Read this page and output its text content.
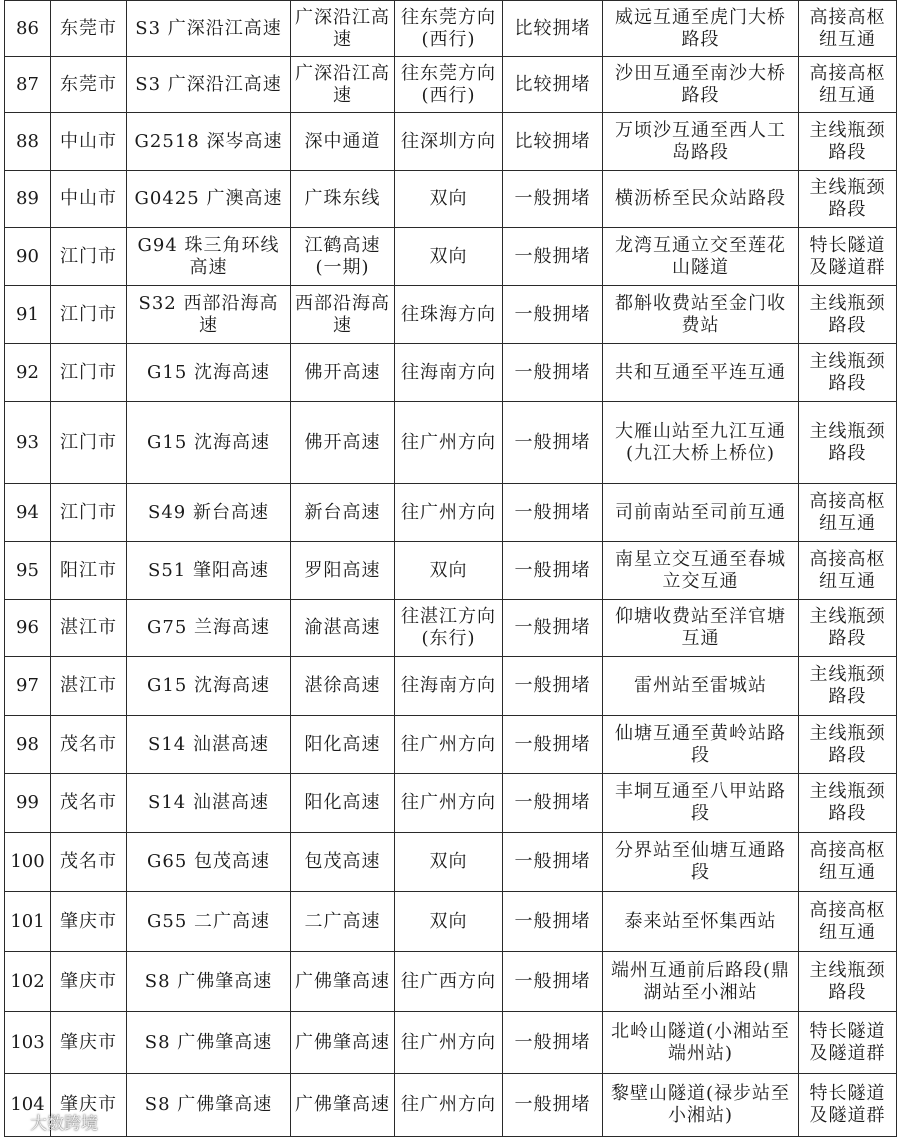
86	东莞市	S3 广深沿江高速	广深沿江高速	往东莞方向(西行)	比较拥堵	威远互通至虎门大桥路段	高接高枢纽互通
87	东莞市	S3 广深沿江高速	广深沿江高速	往东莞方向(西行)	比较拥堵	沙田互通至南沙大桥路段	高接高枢纽互通
88	中山市	G2518 深岑高速	深中通道	往深圳方向	比较拥堵	万顷沙互通至西人工岛路段	主线瓶颈路段
89	中山市	G0425 广澳高速	广珠东线	双向	一般拥堵	横沥桥至民众站路段	主线瓶颈路段
90	江门市	G94 珠三角环线高速	江鹤高速(一期)	双向	一般拥堵	龙湾互通立交至莲花山隧道	特长隧道及隧道群
91	江门市	S32 西部沿海高速	西部沿海高速	往珠海方向	一般拥堵	都斛收费站至金门收费站	主线瓶颈路段
92	江门市	G15 沈海高速	佛开高速	往海南方向	一般拥堵	共和互通至平连互通	主线瓶颈路段
93	江门市	G15 沈海高速	佛开高速	往广州方向	一般拥堵	大雁山站至九江互通(九江大桥上桥位)	主线瓶颈路段
94	江门市	S49 新台高速	新台高速	往广州方向	一般拥堵	司前南站至司前互通	高接高枢纽互通
95	阳江市	S51 肇阳高速	罗阳高速	双向	一般拥堵	南星立交互通至春城立交互通	高接高枢纽互通
96	湛江市	G75 兰海高速	渝湛高速	往湛江方向(东行)	一般拥堵	仰塘收费站至洋官塘互通	主线瓶颈路段
97	湛江市	G15 沈海高速	湛徐高速	往海南方向	一般拥堵	雷州站至雷城站	主线瓶颈路段
98	茂名市	S14 汕湛高速	阳化高速	往广州方向	一般拥堵	仙塘互通至黄岭站路段	主线瓶颈路段
99	茂名市	S14 汕湛高速	阳化高速	往广州方向	一般拥堵	丰垌互通至八甲站路段	主线瓶颈路段
100	茂名市	G65 包茂高速	包茂高速	双向	一般拥堵	分界站至仙塘互通路段	高接高枢纽互通
101	肇庆市	G55 二广高速	二广高速	双向	一般拥堵	泰来站至怀集西站	高接高枢纽互通
102	肇庆市	S8 广佛肇高速	广佛肇高速	往广西方向	一般拥堵	端州互通前后路段(鼎湖站至小湘站	主线瓶颈路段
103	肇庆市	S8 广佛肇高速	广佛肇高速	往广州方向	一般拥堵	北岭山隧道(小湘站至端州站)	特长隧道及隧道群
104	肇庆市	S8 广佛肇高速	广佛肇高速	往广州方向	一般拥堵	黎壁山隧道(禄步站至小湘站)	特长隧道及隧道群
大数跨境
